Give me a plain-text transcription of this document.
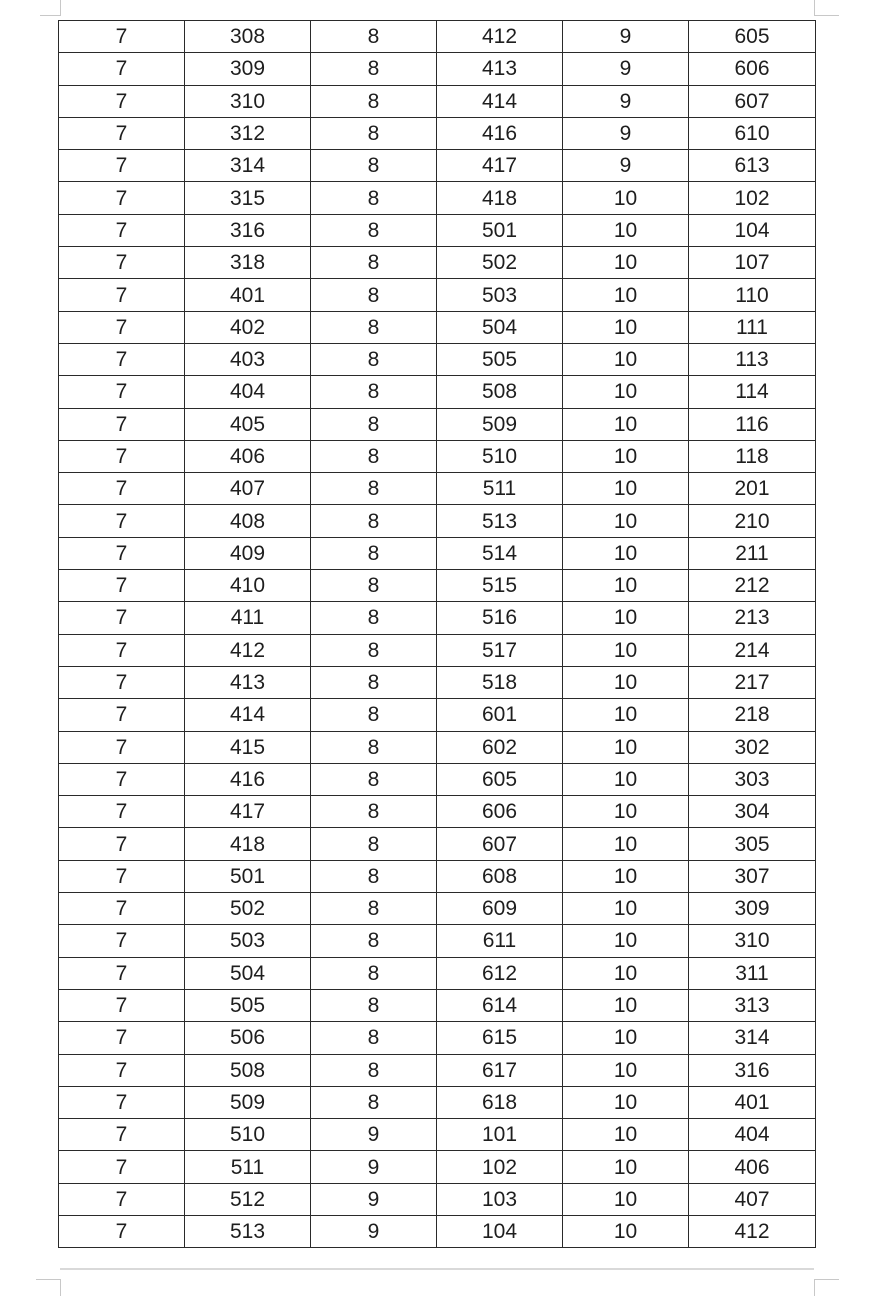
7	308	8	412	9	605
7	309	8	413	9	606
7	310	8	414	9	607
7	312	8	416	9	610
7	314	8	417	9	613
7	315	8	418	10	102
7	316	8	501	10	104
7	318	8	502	10	107
7	401	8	503	10	110
7	402	8	504	10	111
7	403	8	505	10	113
7	404	8	508	10	114
7	405	8	509	10	116
7	406	8	510	10	118
7	407	8	511	10	201
7	408	8	513	10	210
7	409	8	514	10	211
7	410	8	515	10	212
7	411	8	516	10	213
7	412	8	517	10	214
7	413	8	518	10	217
7	414	8	601	10	218
7	415	8	602	10	302
7	416	8	605	10	303
7	417	8	606	10	304
7	418	8	607	10	305
7	501	8	608	10	307
7	502	8	609	10	309
7	503	8	611	10	310
7	504	8	612	10	311
7	505	8	614	10	313
7	506	8	615	10	314
7	508	8	617	10	316
7	509	8	618	10	401
7	510	9	101	10	404
7	511	9	102	10	406
7	512	9	103	10	407
7	513	9	104	10	412
